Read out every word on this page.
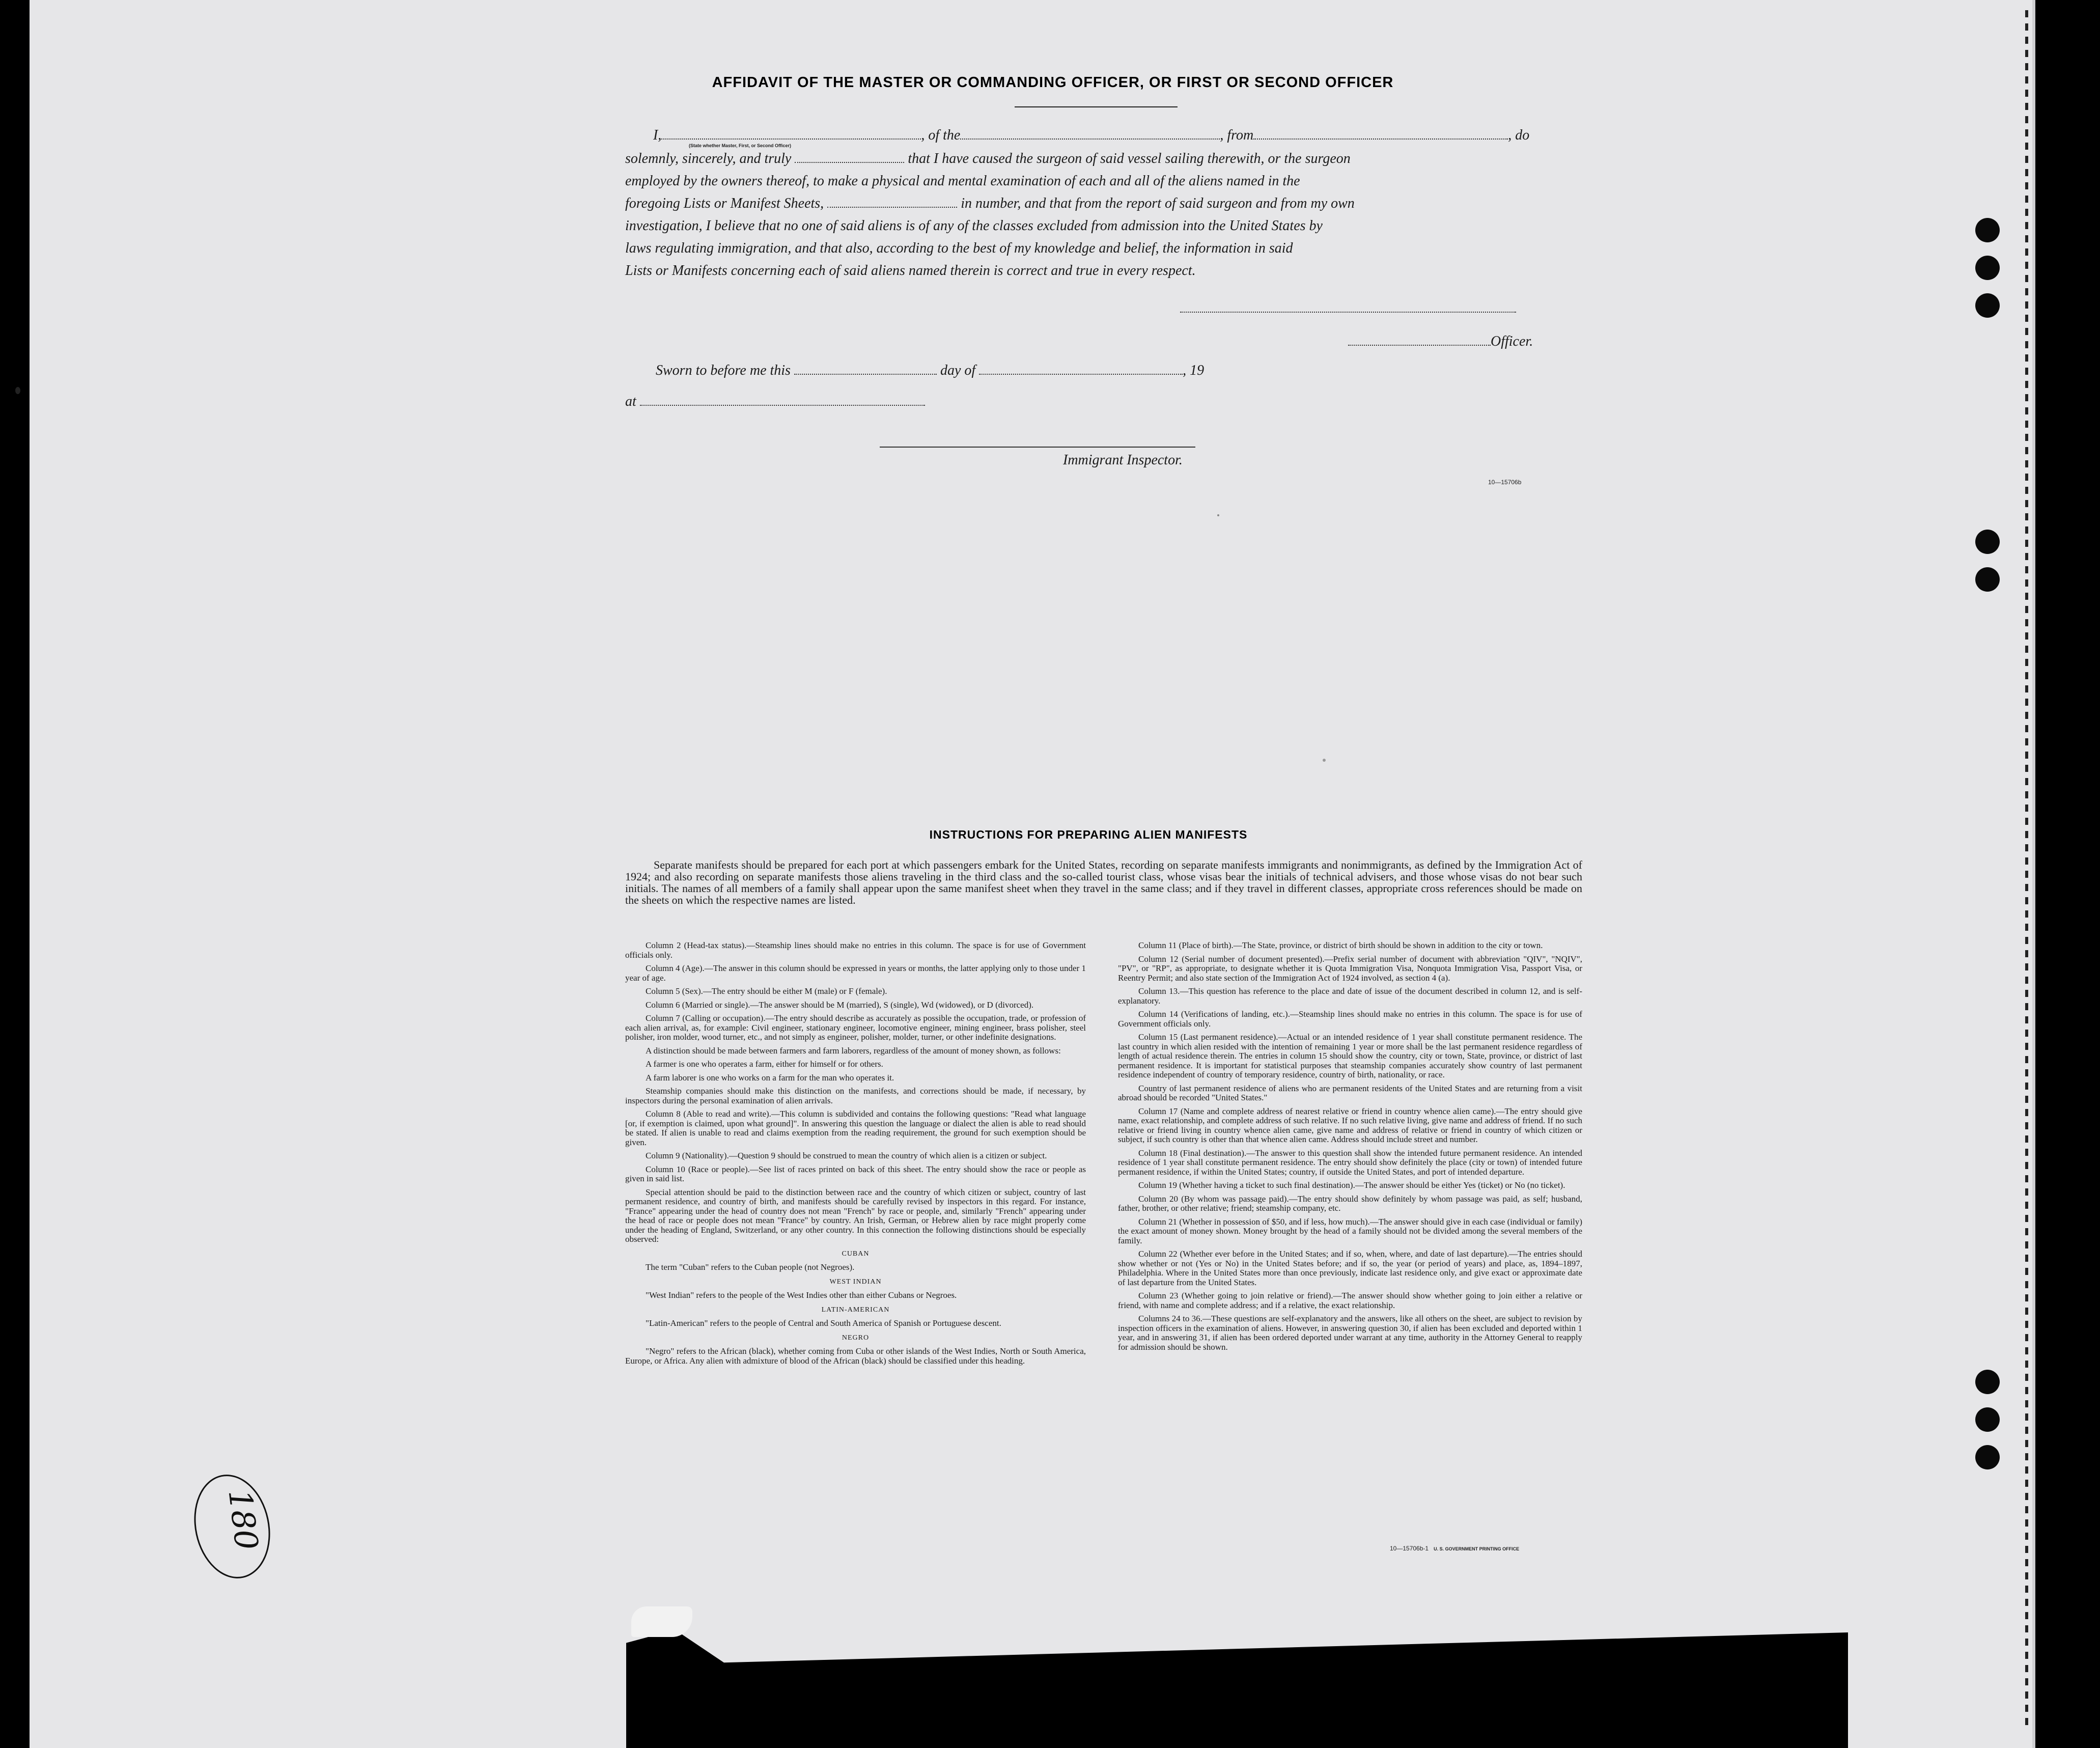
AFFIDAVIT OF THE MASTER OR COMMANDING OFFICER, OR FIRST OR SECOND OFFICER
I,	, of the	, from	, do
(State whether Master, First, or Second Officer)
solemnly, sincerely, and truly	that I have caused the surgeon of said vessel sailing therewith, or the surgeon
employed by the owners thereof, to make a physical and mental examination of each and all of the aliens named in the
foregoing Lists or Manifest Sheets,	in number, and that from the report of said surgeon and from my own
investigation, I believe that no one of said aliens is of any of the classes excluded from admission into the United States by
laws regulating immigration, and that also, according to the best of my knowledge and belief, the information in said
Lists or Manifests concerning each of said aliens named therein is correct and true in every respect.
Officer.
Sworn to before me this	day of	, 19
at
Immigrant Inspector.
10—15706b
INSTRUCTIONS FOR PREPARING ALIEN MANIFESTS
Separate manifests should be prepared for each port at which passengers embark for the United States, recording on separate manifests immigrants and nonimmigrants, as defined by the Immigration Act of 1924; and also recording on separate manifests those aliens traveling in the third class and the so-called tourist class, whose visas bear the initials of technical advisers, and those whose visas do not bear such initials. The names of all members of a family shall appear upon the same manifest sheet when they travel in the same class; and if they travel in different classes, appropriate cross references should be made on the sheets on which the respective names are listed.

Column 2 (Head-tax status).—Steamship lines should make no entries in this column. The space is for use of Government officials only.

Column 4 (Age).—The answer in this column should be expressed in years or months, the latter applying only to those under 1 year of age.

Column 5 (Sex).—The entry should be either M (male) or F (female).

Column 6 (Married or single).—The answer should be M (married), S (single), Wd (widowed), or D (divorced).

Column 7 (Calling or occupation).—The entry should describe as accurately as possible the occupation, trade, or profession of each alien arrival, as, for example: Civil engineer, stationary engineer, locomotive engineer, mining engineer, brass polisher, steel polisher, iron molder, wood turner, etc., and not simply as engineer, polisher, molder, turner, or other indefinite designations.

A distinction should be made between farmers and farm laborers, regardless of the amount of money shown, as follows:

A farmer is one who operates a farm, either for himself or for others.

A farm laborer is one who works on a farm for the man who operates it.

Steamship companies should make this distinction on the manifests, and corrections should be made, if necessary, by inspectors during the personal examination of alien arrivals.

Column 8 (Able to read and write).—This column is subdivided and contains the following questions: "Read what language [or, if exemption is claimed, upon what ground]". In answering this question the language or dialect the alien is able to read should be stated. If alien is unable to read and claims exemption from the reading requirement, the ground for such exemption should be given.

Column 9 (Nationality).—Question 9 should be construed to mean the country of which alien is a citizen or subject.

Column 10 (Race or people).—See list of races printed on back of this sheet. The entry should show the race or people as given in said list.

Special attention should be paid to the distinction between race and the country of which citizen or subject, country of last permanent residence, and country of birth, and manifests should be carefully revised by inspectors in this regard. For instance, "France" appearing under the head of country does not mean "French" by race or people, and, similarly "French" appearing under the head of race or people does not mean "France" by country. An Irish, German, or Hebrew alien by race might properly come under the heading of England, Switzerland, or any other country. In this connection the following distinctions should be especially observed:

CUBAN

The term "Cuban" refers to the Cuban people (not Negroes).

WEST INDIAN

"West Indian" refers to the people of the West Indies other than either Cubans or Negroes.

LATIN-AMERICAN

"Latin-American" refers to the people of Central and South America of Spanish or Portuguese descent.

NEGRO

"Negro" refers to the African (black), whether coming from Cuba or other islands of the West Indies, North or South America, Europe, or Africa. Any alien with admixture of blood of the African (black) should be classified under this heading.

Column 11 (Place of birth).—The State, province, or district of birth should be shown in addition to the city or town.

Column 12 (Serial number of document presented).—Prefix serial number of document with abbreviation "QIV", "NQIV", "PV", or "RP", as appropriate, to designate whether it is Quota Immigration Visa, Nonquota Immigration Visa, Passport Visa, or Reentry Permit; and also state section of the Immigration Act of 1924 involved, as section 4 (a).

Column 13.—This question has reference to the place and date of issue of the document described in column 12, and is self-explanatory.

Column 14 (Verifications of landing, etc.).—Steamship lines should make no entries in this column. The space is for use of Government officials only.

Column 15 (Last permanent residence).—Actual or an intended residence of 1 year shall constitute permanent residence. The last country in which alien resided with the intention of remaining 1 year or more shall be the last permanent residence regardless of length of actual residence therein. The entries in column 15 should show the country, city or town, State, province, or district of last permanent residence. It is important for statistical purposes that steamship companies accurately show country of last permanent residence independent of country of temporary residence, country of birth, nationality, or race.

Country of last permanent residence of aliens who are permanent residents of the United States and are returning from a visit abroad should be recorded "United States."

Column 17 (Name and complete address of nearest relative or friend in country whence alien came).—The entry should give name, exact relationship, and complete address of such relative. If no such relative living, give name and address of friend. If no such relative or friend living in country whence alien came, give name and address of relative or friend in country of which citizen or subject, if such country is other than that whence alien came. Address should include street and number.

Column 18 (Final destination).—The answer to this question shall show the intended future permanent residence. An intended residence of 1 year shall constitute permanent residence. The entry should show definitely the place (city or town) of intended future permanent residence, if within the United States; country, if outside the United States, and port of intended departure.

Column 19 (Whether having a ticket to such final destination).—The answer should be either Yes (ticket) or No (no ticket).

Column 20 (By whom was passage paid).—The entry should show definitely by whom passage was paid, as self; husband, father, brother, or other relative; friend; steamship company, etc.

Column 21 (Whether in possession of $50, and if less, how much).—The answer should give in each case (individual or family) the exact amount of money shown. Money brought by the head of a family should not be divided among the several members of the family.

Column 22 (Whether ever before in the United States; and if so, when, where, and date of last departure).—The entries should show whether or not (Yes or No) in the United States before; and if so, the year (or period of years) and place, as, 1894–1897, Philadelphia. Where in the United States more than once previously, indicate last residence only, and give exact or approximate date of last departure from the United States.

Column 23 (Whether going to join relative or friend).—The answer should show whether going to join either a relative or friend, with name and complete address; and if a relative, the exact relationship.

Columns 24 to 36.—These questions are self-explanatory and the answers, like all others on the sheet, are subject to revision by inspection officers in the examination of aliens. However, in answering question 30, if alien has been excluded and deported within 1 year, and in answering 31, if alien has been ordered deported under warrant at any time, authority in the Attorney General to reapply for admission should be shown.

10—15706b-1 U. S. GOVERNMENT PRINTING OFFICE
180
